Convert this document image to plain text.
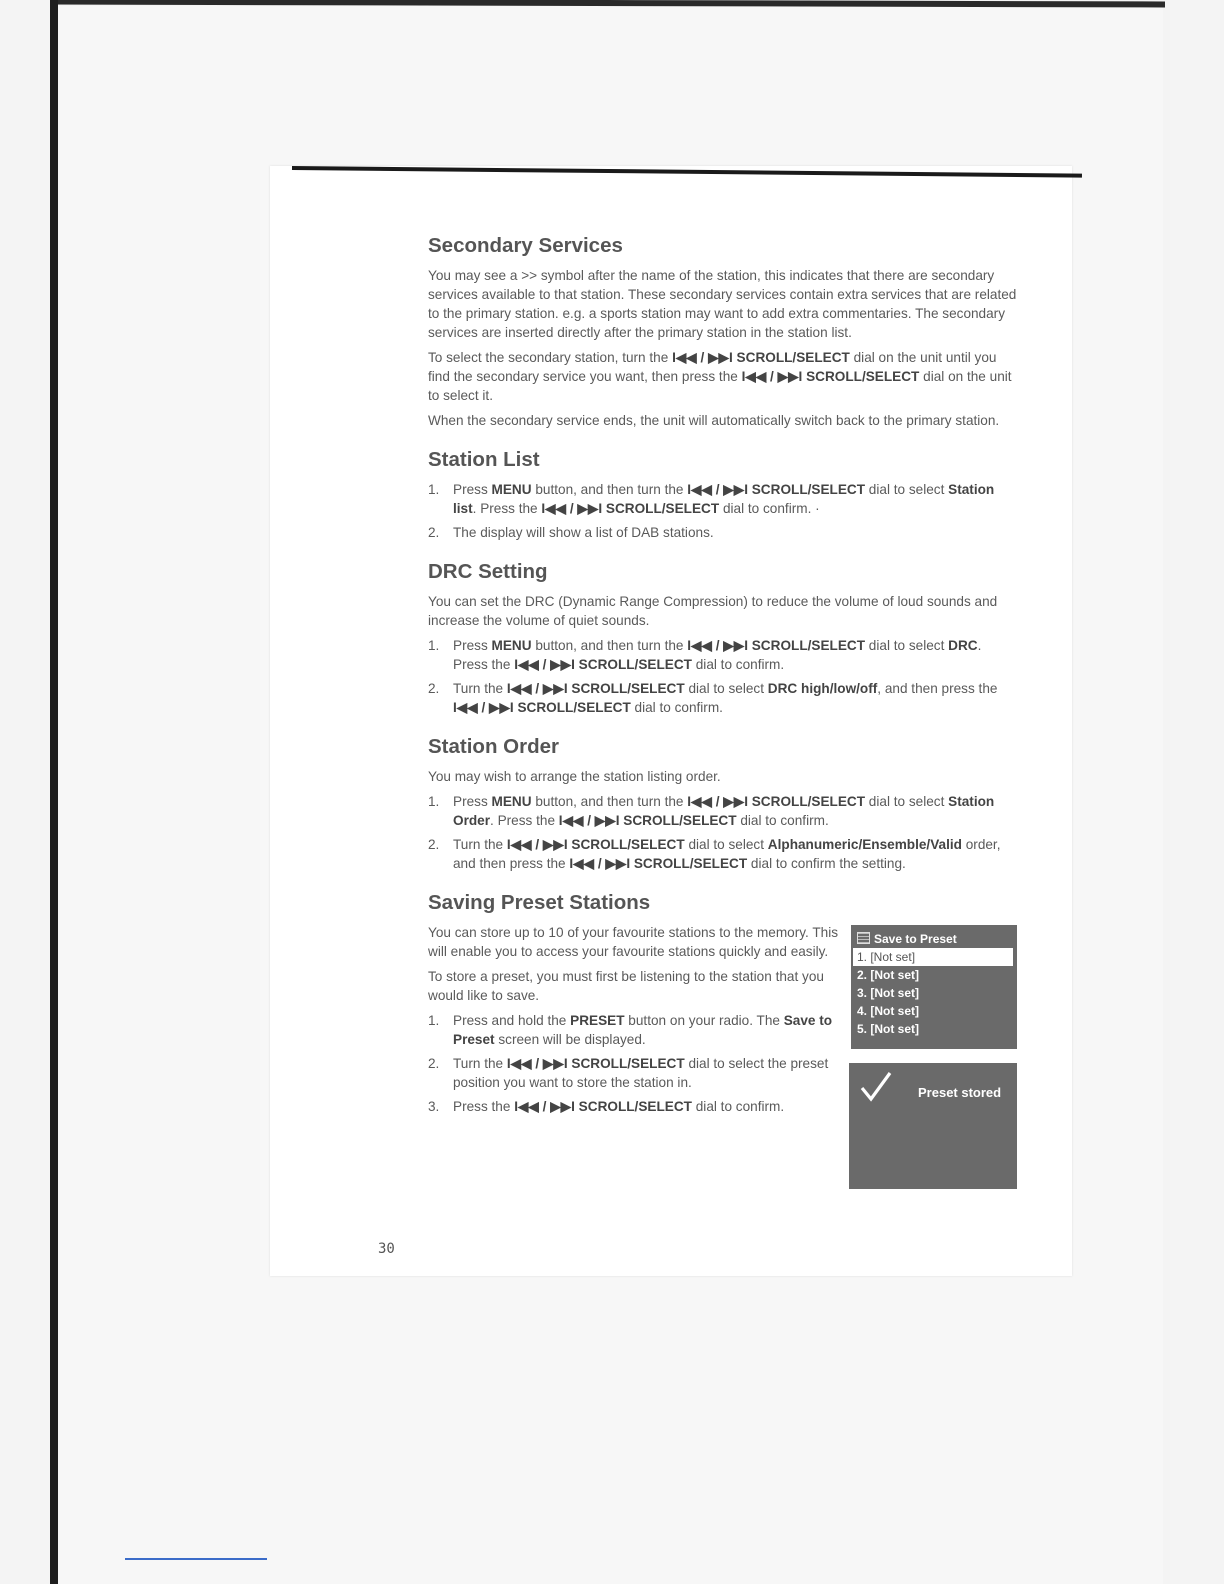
Secondary Services

You may see a >> symbol after the name of the station, this indicates that there are secondary services available to that station. These secondary services contain extra services that are related to the primary station. e.g. a sports station may want to add extra commentaries. The secondary services are inserted directly after the primary station in the station list.

To select the secondary station, turn the I◀◀ / ▶▶I SCROLL/SELECT dial on the unit until you find the secondary service you want, then press the I◀◀ / ▶▶I SCROLL/SELECT dial on the unit to select it.

When the secondary service ends, the unit will automatically switch back to the primary station.

Station List
1. Press MENU button, and then turn the I◀◀ / ▶▶I SCROLL/SELECT dial to select Station list. Press the I◀◀ / ▶▶I SCROLL/SELECT dial to confirm. ·
2. The display will show a list of DAB stations.
DRC Setting

You can set the DRC (Dynamic Range Compression) to reduce the volume of loud sounds and increase the volume of quiet sounds.

1. Press MENU button, and then turn the I◀◀ / ▶▶I SCROLL/SELECT dial to select DRC. Press the I◀◀ / ▶▶I SCROLL/SELECT dial to confirm.
2. Turn the I◀◀ / ▶▶I SCROLL/SELECT dial to select DRC high/low/off, and then press the I◀◀ / ▶▶I SCROLL/SELECT dial to confirm.
Station Order

You may wish to arrange the station listing order.

1. Press MENU button, and then turn the I◀◀ / ▶▶I SCROLL/SELECT dial to select Station Order. Press the I◀◀ / ▶▶I SCROLL/SELECT dial to confirm.
2. Turn the I◀◀ / ▶▶I SCROLL/SELECT dial to select Alphanumeric/Ensemble/Valid order, and then press the I◀◀ / ▶▶I SCROLL/SELECT dial to confirm the setting.
Saving Preset Stations

You can store up to 10 of your favourite stations to the memory. This will enable you to access your favourite stations quickly and easily.

To store a preset, you must first be listening to the station that you would like to save.

1. Press and hold the PRESET button on your radio. The Save to Preset screen will be displayed.
2. Turn the I◀◀ / ▶▶I SCROLL/SELECT dial to select the preset position you want to store the station in.
3. Press the I◀◀ / ▶▶I SCROLL/SELECT dial to confirm.
Save to Preset
1. [Not set]
2. [Not set]
3. [Not set]
4. [Not set]
5. [Not set]
Preset stored
30
